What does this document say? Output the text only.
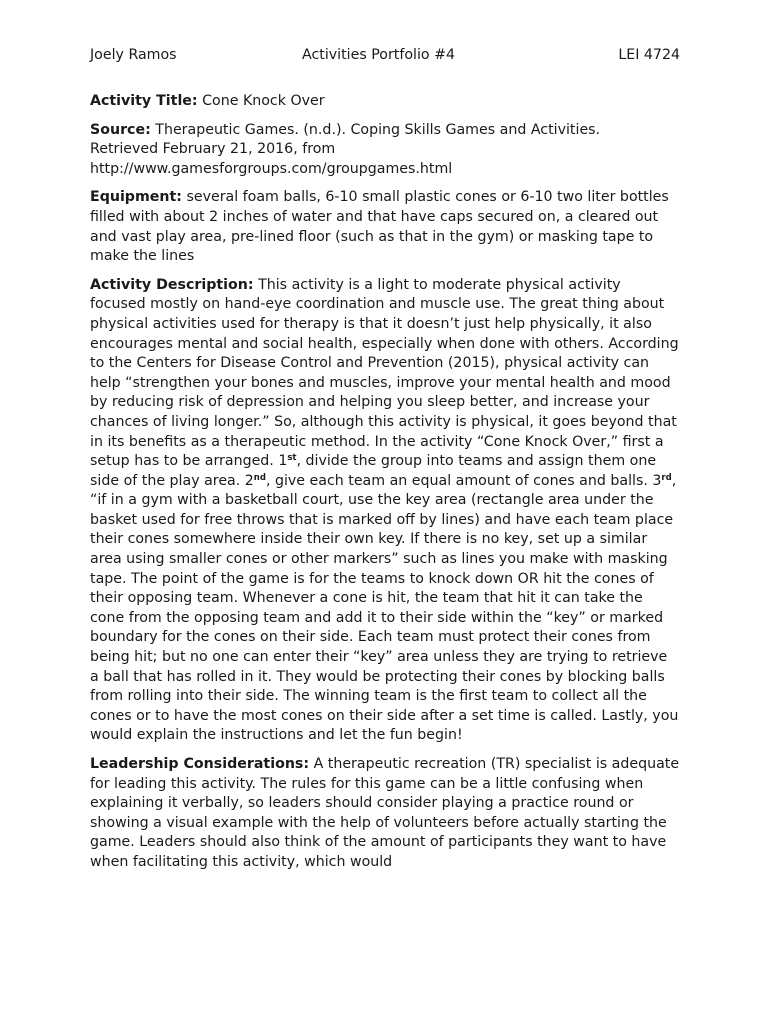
Joely Ramos	Activities Portfolio #4	LEI 4724

Activity Title: Cone Knock Over

Source: Therapeutic Games. (n.d.). Coping Skills Games and Activities.
Retrieved February 21, 2016, from
http://www.gamesforgroups.com/groupgames.html

Equipment: several foam balls, 6-10 small plastic cones or 6-10 two liter bottles filled with about 2 inches of water and that have caps secured on, a cleared out and vast play area, pre-lined floor (such as that in the gym) or masking tape to make the lines

Activity Description: This activity is a light to moderate physical activity focused mostly on hand-eye coordination and muscle use. The great thing about physical activities used for therapy is that it doesn’t just help physically, it also encourages mental and social health, especially when done with others. According to the Centers for Disease Control and Prevention (2015), physical activity can help “strengthen your bones and muscles, improve your mental health and mood by reducing risk of depression and helping you sleep better, and increase your chances of living longer.” So, although this activity is physical, it goes beyond that in its benefits as a therapeutic method. In the activity “Cone Knock Over,” first a setup has to be arranged. 1st, divide the group into teams and assign them one side of the play area. 2nd, give each team an equal amount of cones and balls. 3rd, “if in a gym with a basketball court, use the key area (rectangle area under the basket used for free throws that is marked off by lines) and have each team place their cones somewhere inside their own key. If there is no key, set up a similar area using smaller cones or other markers” such as lines you make with masking tape. The point of the game is for the teams to knock down OR hit the cones of their opposing team. Whenever a cone is hit, the team that hit it can take the cone from the opposing team and add it to their side within the “key” or marked boundary for the cones on their side. Each team must protect their cones from being hit; but no one can enter their “key” area unless they are trying to retrieve a ball that has rolled in it. They would be protecting their cones by blocking balls from rolling into their side. The winning team is the first team to collect all the cones or to have the most cones on their side after a set time is called. Lastly, you would explain the instructions and let the fun begin!

Leadership Considerations: A therapeutic recreation (TR) specialist is adequate for leading this activity. The rules for this game can be a little confusing when explaining it verbally, so leaders should consider playing a practice round or showing a visual example with the help of volunteers before actually starting the game. Leaders should also think of the amount of participants they want to have when facilitating this activity, which would
